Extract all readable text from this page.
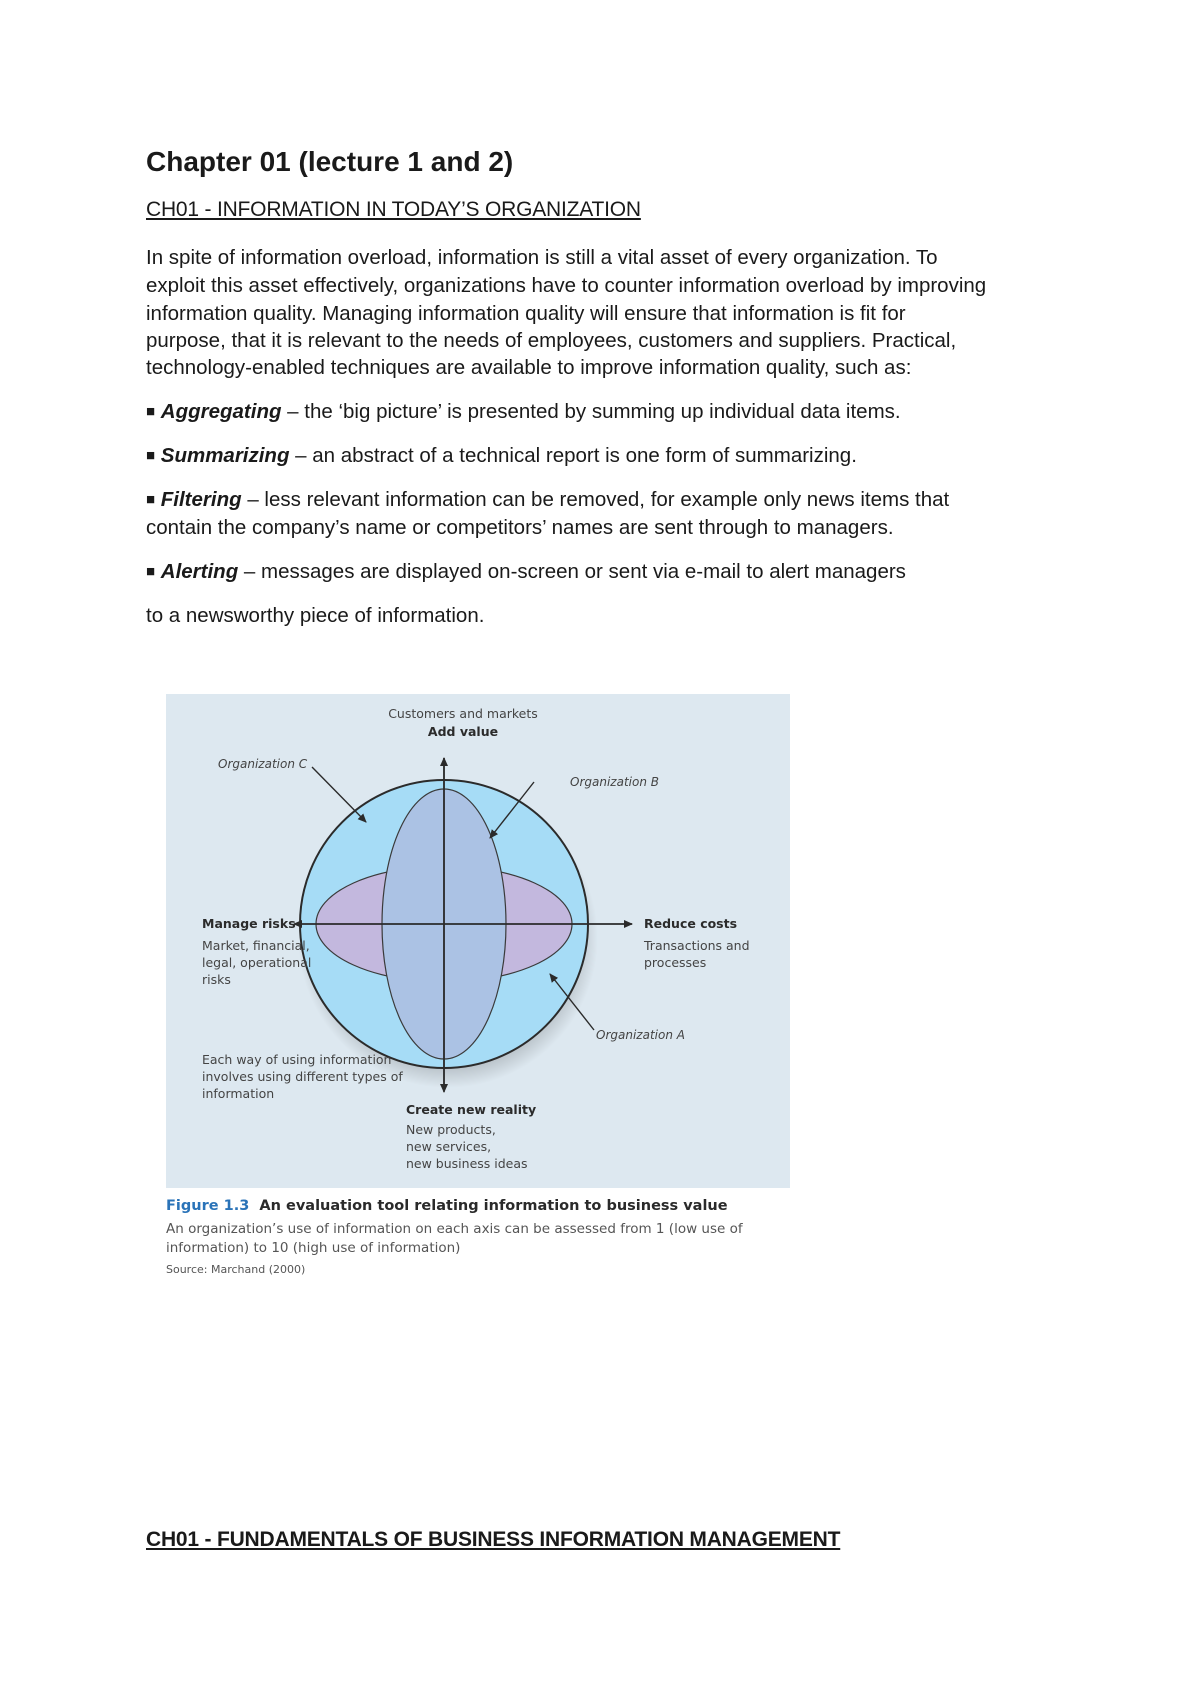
Chapter 01 (lecture 1 and 2)
CH01 - INFORMATION IN TODAY’S ORGANIZATION

In spite of information overload, information is still a vital asset of every organization. To

exploit this asset effectively, organizations have to counter information overload by improving

information quality. Managing information quality will ensure that information is fit for

purpose, that it is relevant to the needs of employees, customers and suppliers. Practical,

technology-enabled techniques are available to improve information quality, such as:

■ Aggregating – the ‘big picture’ is presented by summing up individual data items.

■ Summarizing – an abstract of a technical report is one form of summarizing.

■ Filtering – less relevant information can be removed, for example only news items that

contain the company’s name or competitors’ names are sent through to managers.

■ Alerting – messages are displayed on-screen or sent via e-mail to alert managers

to a newsworthy piece of information.

Customers and markets
Add value
Organization C
Organization B
Organization A
Manage risks
Market, financial,
legal, operational
risks
Reduce costs
Transactions and
processes
Each way of using information
involves using different types of
information
Create new reality
New products,
new services,
new business ideas

Figure 1.3 An evaluation tool relating information to business value

An organization’s use of information on each axis can be assessed from 1 (low use of
information) to 10 (high use of information)

Source: Marchand (2000)

CH01 - FUNDAMENTALS OF BUSINESS INFORMATION MANAGEMENT
